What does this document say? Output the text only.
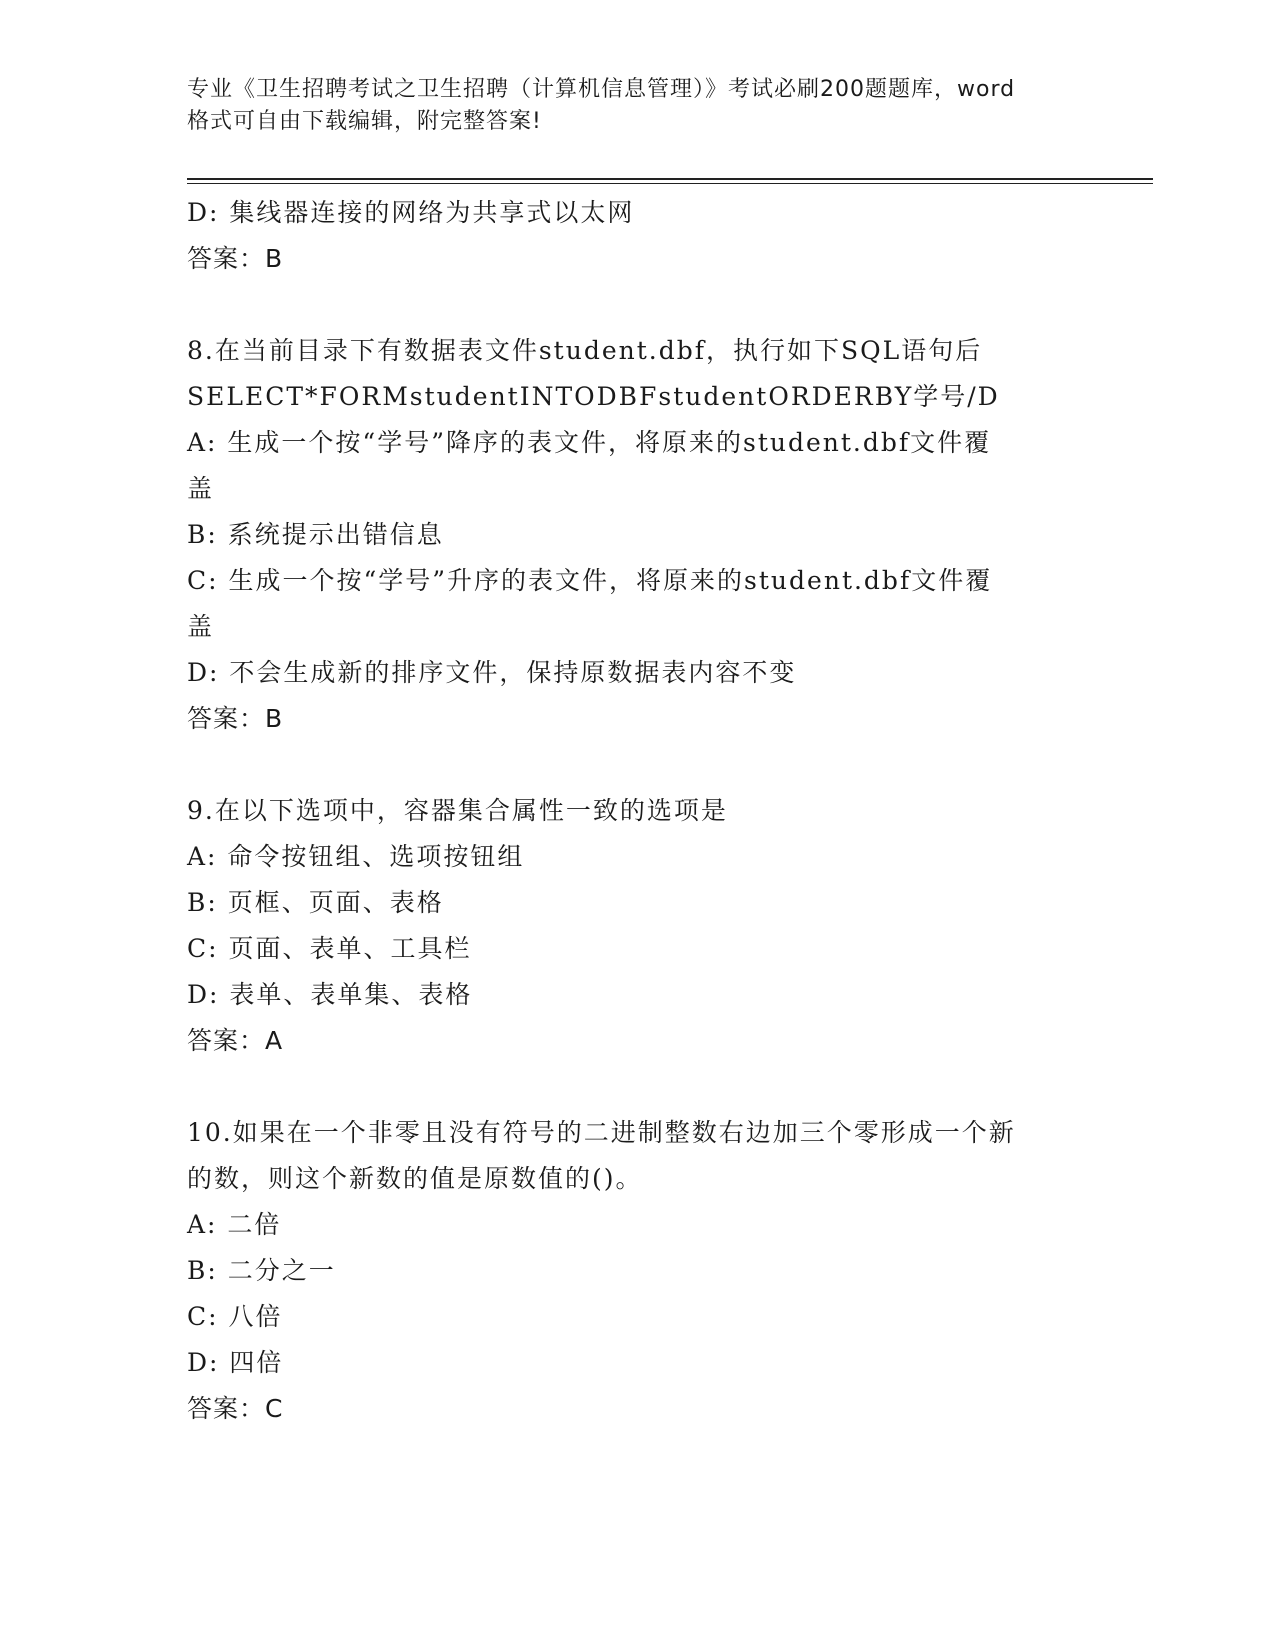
专业《卫生招聘考试之卫生招聘（计算机信息管理）》考试必刷200题题库，word
格式可自由下载编辑，附完整答案!
D: 集线器连接的网络为共享式以太网
答案：B
8.在当前目录下有数据表文件student.dbf，执行如下SQL语句后
SELECT*FORMstudentINTODBFstudentORDERBY学号/D
A: 生成一个按“学号”降序的表文件，将原来的student.dbf文件覆
盖
B: 系统提示出错信息
C: 生成一个按“学号”升序的表文件，将原来的student.dbf文件覆
盖
D: 不会生成新的排序文件，保持原数据表内容不变
答案：B
9.在以下选项中，容器集合属性一致的选项是
A: 命令按钮组、选项按钮组
B: 页框、页面、表格
C: 页面、表单、工具栏
D: 表单、表单集、表格
答案：A
10.如果在一个非零且没有符号的二进制整数右边加三个零形成一个新
的数，则这个新数的值是原数值的()。
A: 二倍
B: 二分之一
C: 八倍
D: 四倍
答案：C
